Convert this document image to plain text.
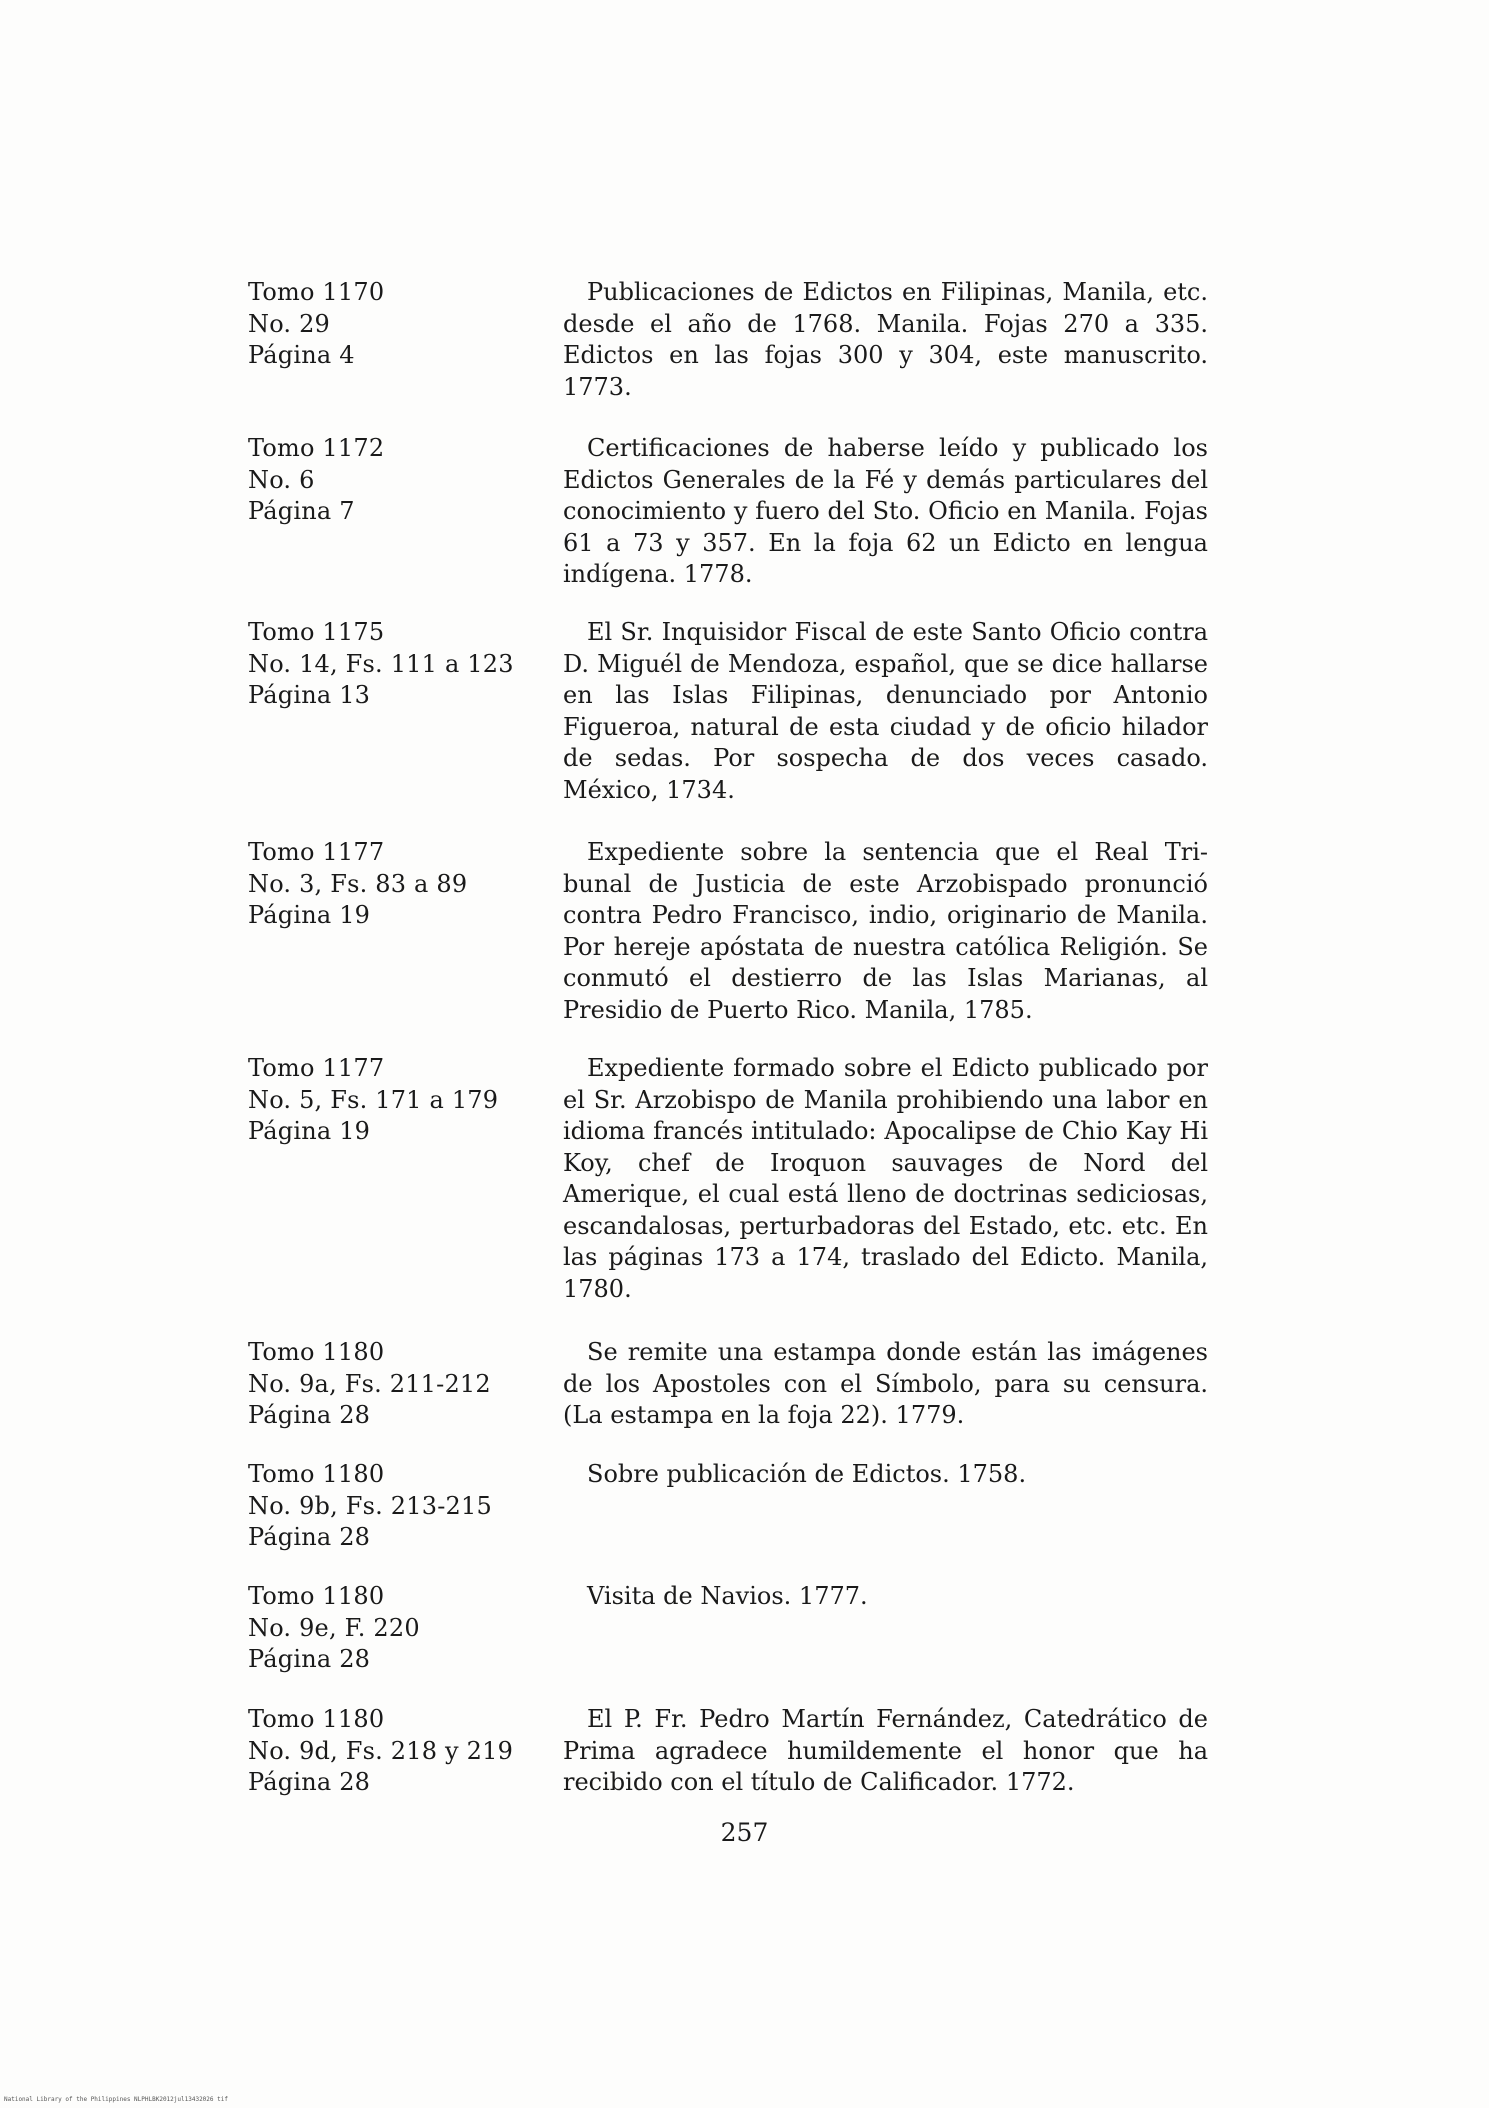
Tomo 1170
No. 29
Página 4
Publicaciones de Edictos en Filipinas, Manila, etc. desde el año de 1768. Manila. Fojas 270 a 335. Edictos en las fojas 300 y 304, este manuscrito. 1773.
Tomo 1172
No. 6
Página 7
Certificaciones de haberse leído y publicado los Edictos Generales de la Fé y demás particulares del conocimiento y fuero del Sto. Oficio en Manila. Fojas 61 a 73 y 357. En la foja 62 un Edicto en lengua indígena. 1778.
Tomo 1175
No. 14, Fs. 111 a 123
Página 13
El Sr. Inquisidor Fiscal de este Santo Oficio contra D. Miguél de Mendoza, español, que se dice hallarse en las Islas Filipinas, denunciado por Antonio Figueroa, natural de esta ciudad y de oficio hilador de sedas. Por sospecha de dos veces casado. México, 1734.
Tomo 1177
No. 3, Fs. 83 a 89
Página 19
Expediente sobre la sentencia que el Real Tribunal de Justicia de este Arzobispado pronunció contra Pedro Francisco, indio, originario de Manila. Por hereje apóstata de nuestra católica Religión. Se conmutó el destierro de las Islas Marianas, al Presidio de Puerto Rico. Manila, 1785.
Tomo 1177
No. 5, Fs. 171 a 179
Página 19
Expediente formado sobre el Edicto publicado por el Sr. Arzobispo de Manila prohibiendo una labor en idioma francés intitulado: Apocalipse de Chio Kay Hi Koy, chef de Iroquon sauvages de Nord del Amerique, el cual está lleno de doctrinas sediciosas, escandalosas, perturbadoras del Estado, etc. etc. En las páginas 173 a 174, traslado del Edicto. Manila, 1780.
Tomo 1180
No. 9a, Fs. 211-212
Página 28
Se remite una estampa donde están las imágenes de los Apostoles con el Símbolo, para su censura. (La estampa en la foja 22). 1779.
Tomo 1180
No. 9b, Fs. 213-215
Página 28
Sobre publicación de Edictos. 1758.
Tomo 1180
No. 9e, F. 220
Página 28
Visita de Navios. 1777.
Tomo 1180
No. 9d, Fs. 218 y 219
Página 28
El P. Fr. Pedro Martín Fernández, Catedrático de Prima agradece humildemente el honor que ha recibido con el título de Calificador. 1772.
257
National Library of the Philippines NLPHLBK2012jul13432026 tif
